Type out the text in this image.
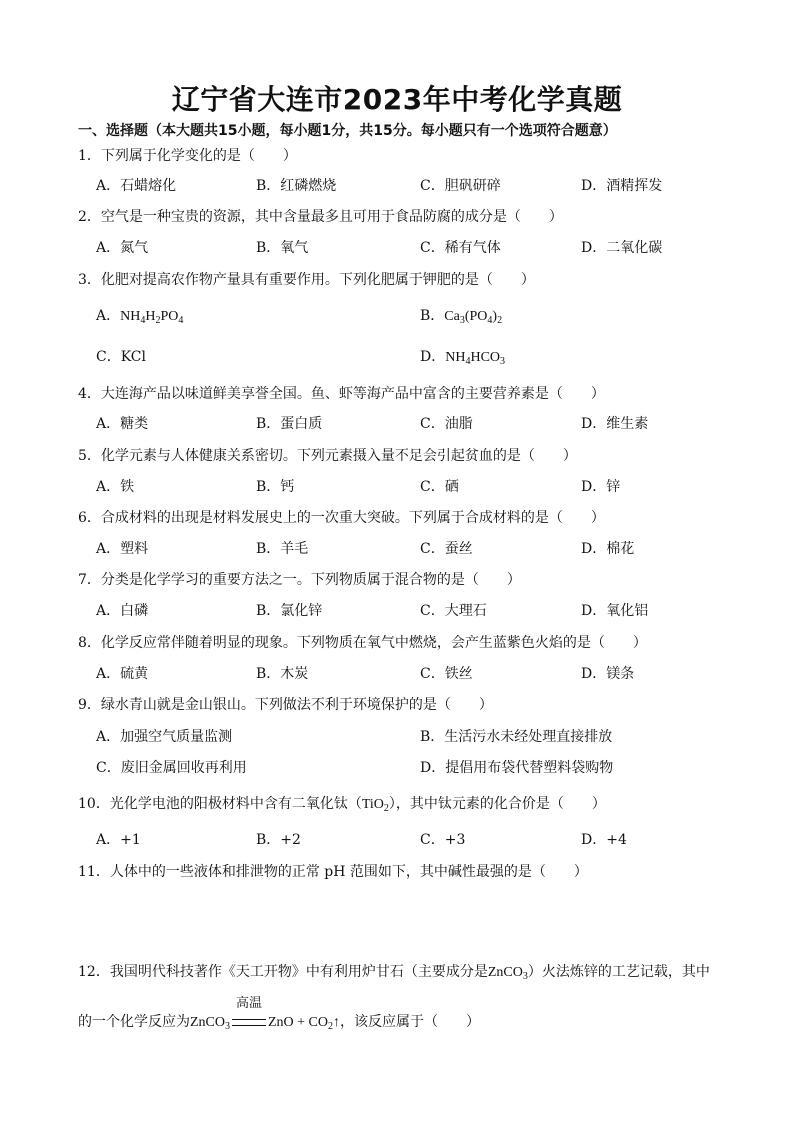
辽宁省大连市2023年中考化学真题
一、选择题（本大题共15小题，每小题1分，共15分。每小题只有一个选项符合题意）
1．下列属于化学变化的是（　　）
A．石蜡熔化	B．红磷燃烧	C．胆矾研碎	D．酒精挥发
2．空气是一种宝贵的资源，其中含量最多且可用于食品防腐的成分是（　　）
A．氮气	B．氧气	C．稀有气体	D．二氧化碳
3．化肥对提高农作物产量具有重要作用。下列化肥属于钾肥的是（　　）
A．$NH_4H_2PO_4$	B．$Ca_3(PO_4)_2$
C．KCl	D．$NH_4HCO_3$
4．大连海产品以味道鲜美享誉全国。鱼、虾等海产品中富含的主要营养素是（　　）
A．糖类	B．蛋白质	C．油脂	D．维生素
5．化学元素与人体健康关系密切。下列元素摄入量不足会引起贫血的是（　　）
A．铁	B．钙	C．硒	D．锌
6．合成材料的出现是材料发展史上的一次重大突破。下列属于合成材料的是（　　）
A．塑料	B．羊毛	C．蚕丝	D．棉花
7．分类是化学学习的重要方法之一。下列物质属于混合物的是（　　）
A．白磷	B．氯化锌	C．大理石	D．氧化铝
8．化学反应常伴随着明显的现象。下列物质在氧气中燃烧，会产生蓝紫色火焰的是（　　）
A．硫黄	B．木炭	C．铁丝	D．镁条
9．绿水青山就是金山银山。下列做法不利于环境保护的是（　　）
A．加强空气质量监测	B．生活污水未经处理直接排放
C．废旧金属回收再利用	D．提倡用布袋代替塑料袋购物
10．光化学电池的阳极材料中含有二氧化钛（TiO$_2$），其中钛元素的化合价是（　　）
A．+1	B．+2	C．+3	D．+4
11．人体中的一些液体和排泄物的正常 pH 范围如下，其中碱性最强的是（　　）
12．我国明代科技著作《天工开物》中有利用炉甘石（主要成分是ZnCO$_3$）火法炼锌的工艺记载，其中
的一个化学反应为ZnCO$_3$
高温
ZnO + $CO_2↑$，该反应属于（　　）
